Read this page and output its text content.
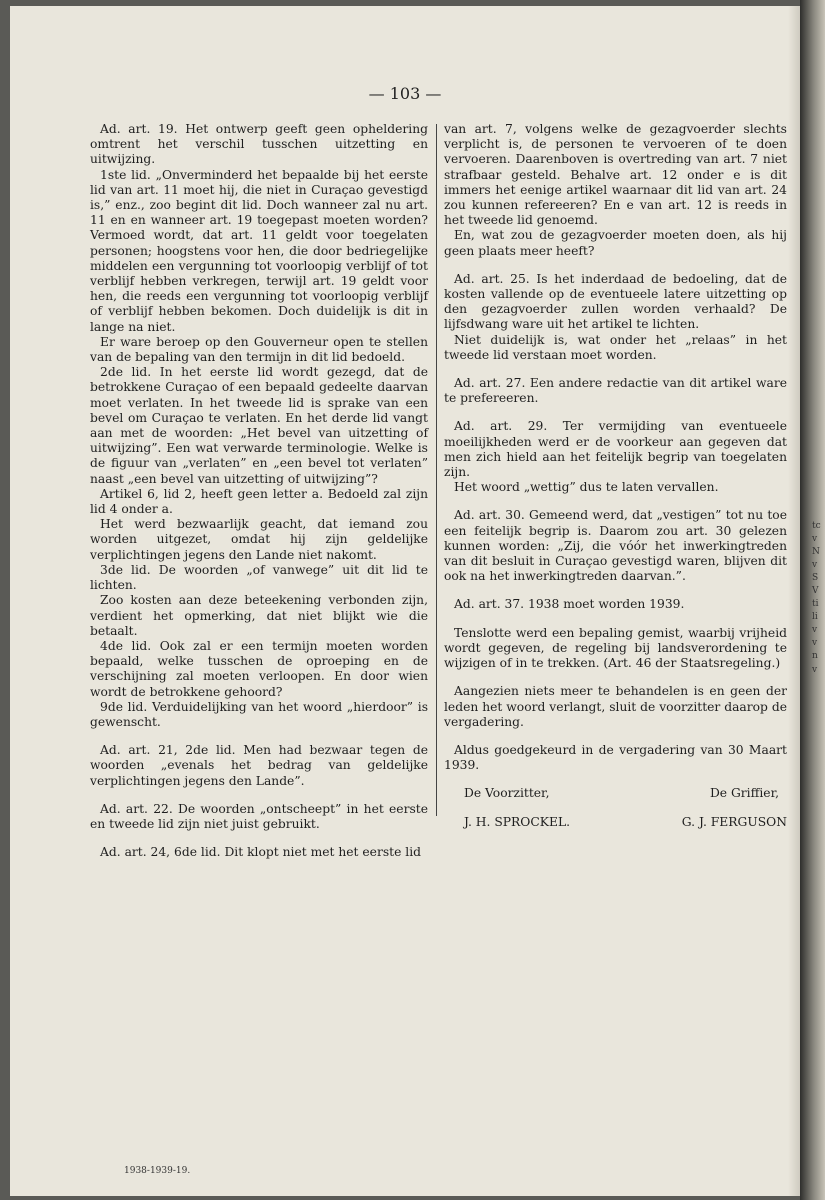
— 103 —

Ad. art. 19. Het ontwerp geeft geen opheldering omtrent het verschil tusschen uitzetting en uitwijzing.

1ste lid. „Onverminderd het bepaalde bij het eerste lid van art. 11 moet hij, die niet in Curaçao gevestigd is,” enz., zoo begint dit lid. Doch wanneer zal nu art. 11 en en wanneer art. 19 toegepast moeten worden? Vermoed wordt, dat art. 11 geldt voor toegelaten personen; hoogstens voor hen, die door bedriegelijke middelen een vergunning tot voorloopig verblijf of tot verblijf hebben verkregen, terwijl art. 19 geldt voor hen, die reeds een vergunning tot voorloopig verblijf of verblijf hebben bekomen. Doch duidelijk is dit in lange na niet.

Er ware beroep op den Gouverneur open te stellen van de bepaling van den termijn in dit lid bedoeld.

2de lid. In het eerste lid wordt gezegd, dat de betrokkene Curaçao of een bepaald gedeelte daarvan moet verlaten. In het tweede lid is sprake van een bevel om Curaçao te verlaten. En het derde lid vangt aan met de woorden: „Het bevel van uitzetting of uitwijzing”. Een wat verwarde terminologie. Welke is de figuur van „verlaten” en „een bevel tot verlaten” naast „een bevel van uitzetting of uitwijzing”?

Artikel 6, lid 2, heeft geen letter a. Bedoeld zal zijn lid 4 onder a.

Het werd bezwaarlijk geacht, dat iemand zou worden uitgezet, omdat hij zijn geldelijke verplichtingen jegens den Lande niet nakomt.

3de lid. De woorden „of vanwege” uit dit lid te lichten.

Zoo kosten aan deze beteekening verbonden zijn, verdient het opmerking, dat niet blijkt wie die betaalt.

4de lid. Ook zal er een termijn moeten worden bepaald, welke tusschen de oproeping en de verschijning zal moeten verloopen. En door wien wordt de betrokkene gehoord?

9de lid. Verduidelijking van het woord „hierdoor” is gewenscht.

Ad. art. 21, 2de lid. Men had bezwaar tegen de woorden „evenals het bedrag van geldelijke verplichtingen jegens den Lande”.

Ad. art. 22. De woorden „ontscheept” in het eerste en tweede lid zijn niet juist gebruikt.

Ad. art. 24, 6de lid. Dit klopt niet met het eerste lid

van art. 7, volgens welke de gezagvoerder slechts verplicht is, de personen te vervoeren of te doen vervoeren. Daarenboven is overtreding van art. 7 niet strafbaar gesteld. Behalve art. 12 onder e is dit immers het eenige artikel waarnaar dit lid van art. 24 zou kunnen refereeren? En e van art. 12 is reeds in het tweede lid genoemd.

En, wat zou de gezagvoerder moeten doen, als hij geen plaats meer heeft?

Ad. art. 25. Is het inderdaad de bedoeling, dat de kosten vallende op de eventueele latere uitzetting op den gezagvoerder zullen worden verhaald? De lijfsdwang ware uit het artikel te lichten.

Niet duidelijk is, wat onder het „relaas” in het tweede lid verstaan moet worden.

Ad. art. 27. Een andere redactie van dit artikel ware te prefereeren.

Ad. art. 29. Ter vermijding van eventueele moeilijkheden werd er de voorkeur aan gegeven dat men zich hield aan het feitelijk begrip van toegelaten zijn.

Het woord „wettig” dus te laten vervallen.

Ad. art. 30. Gemeend werd, dat „vestigen” tot nu toe een feitelijk begrip is. Daarom zou art. 30 gelezen kunnen worden: „Zij, die vóór het inwerkingtreden van dit besluit in Curaçao gevestigd waren, blijven dit ook na het inwerkingtreden daarvan.”.

Ad. art. 37. 1938 moet worden 1939.

Tenslotte werd een bepaling gemist, waarbij vrijheid wordt gegeven, de regeling bij landsverordening te wijzigen of in te trekken. (Art. 46 der Staatsregeling.)

Aangezien niets meer te behandelen is en geen der leden het woord verlangt, sluit de voorzitter daarop de vergadering.

Aldus goedgekeurd in de vergadering van 30 Maart 1939.

De Voorzitter,	De Griffier,
J. H. SPROCKEL.	G. J. FERGUSON
1938-1939-19.
tc
v
N
v
S
V
ti
li
v
v
n
v
